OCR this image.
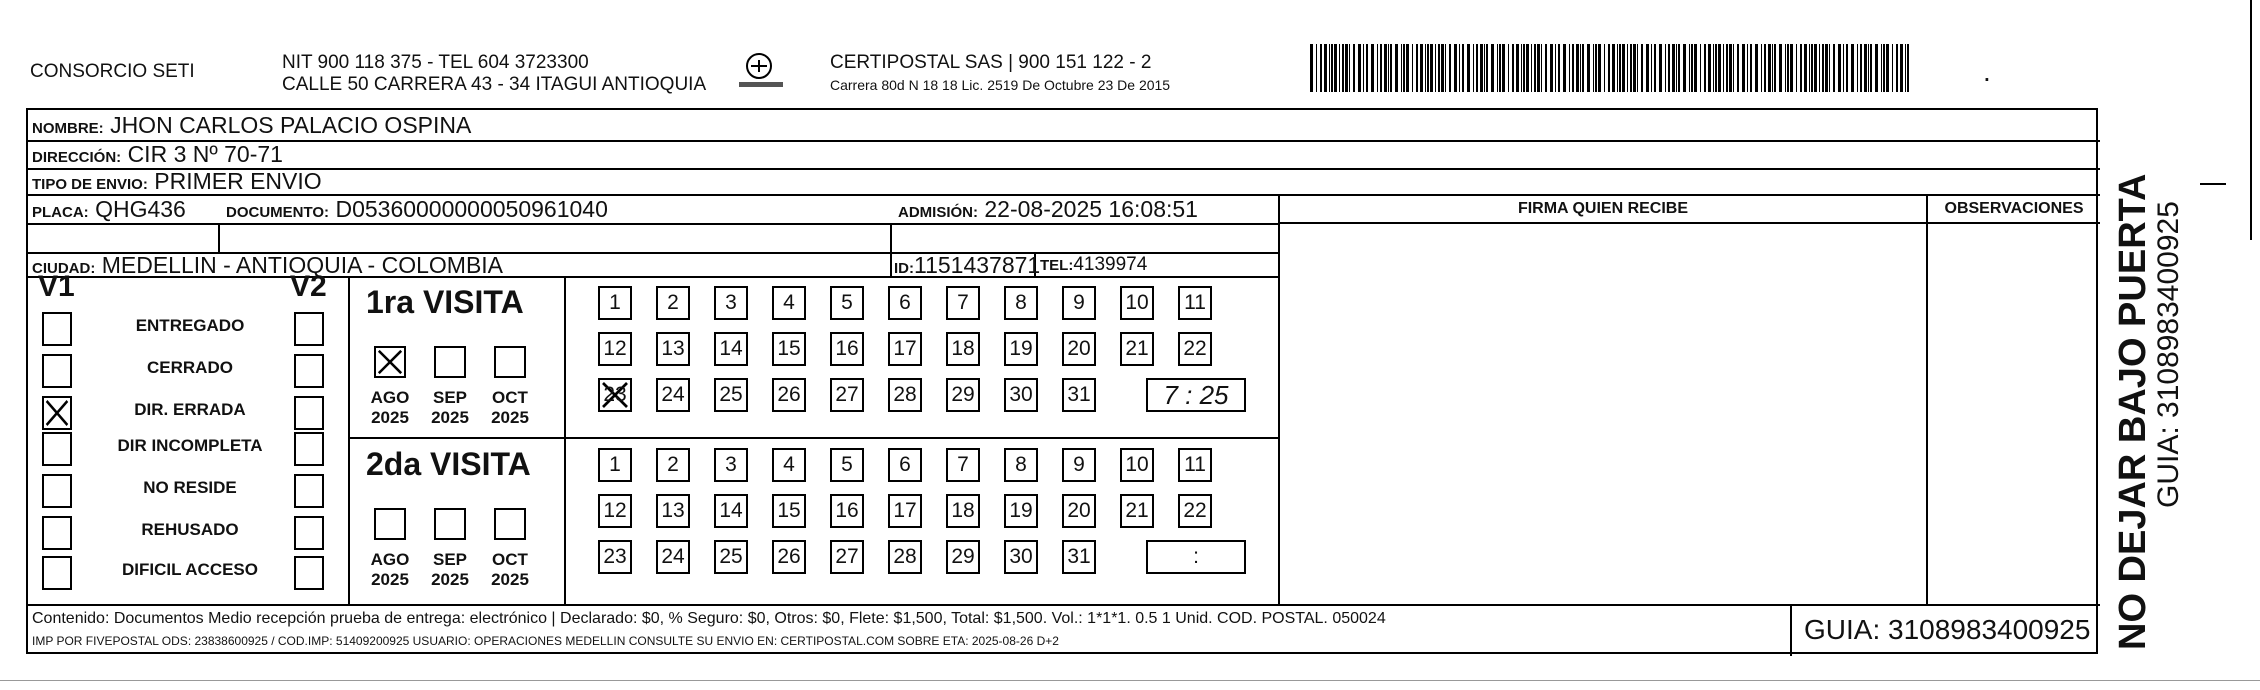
CONSORCIO SETI	NIT 900 118 375 - TEL 604 3723300
CALLE 50 CARRERA 43 - 34 ITAGUI ANTIOQUIA
CERTIPOSTAL SAS | 900 151 122 - 2
Carrera 80d N 18 18 Lic. 2519 De Octubre 23 De 2015	.
NOMBRE: JHON CARLOS PALACIO OSPINA
DIRECCIÓN: CIR 3 Nº 70-71
TIPO DE ENVIO: PRIMER ENVIO
PLACA: QHG436	DOCUMENTO: D05360000000050961040	ADMISIÓN: 22-08-2025 16:08:51
CIUDAD: MEDELLIN - ANTIOQUIA - COLOMBIA	ID:1151437871 TEL:4139974
FIRMA QUIEN RECIBE	OBSERVACIONES
V1	V2
ENTREGADO
CERRADO
DIR. ERRADA
DIR INCOMPLETA
NO RESIDE
REHUSADO
DIFICIL ACCESO
1ra VISITA
AGO
2025
SEP
2025
OCT
2025
1	2	3	4	5	6	7	8	9	10 11
12 13 14 15 16 17 18 19 20 21 22
23 24 25 26 27 28 29 30 31	7 : 25
2da VISITA
AGO
2025
SEP
2025
OCT
2025
1	2	3	4	5	6	7	8	9	10 11
12 13 14 15 16 17 18 19 20 21 22
23 24 25 26 27 28 29 30 31	:
Contenido: Documentos Medio recepción prueba de entrega: electrónico | Declarado: $0, % Seguro: $0, Otros: $0, Flete: $1,500, Total: $1,500. Vol.: 1*1*1. 0.5 1 Unid. COD. POSTAL. 050024
IMP POR FIVEPOSTAL ODS: 23838600925 / COD.IMP: 51409200925 USUARIO: OPERACIONES MEDELLIN CONSULTE SU ENVIO EN: CERTIPOSTAL.COM SOBRE ETA: 2025-08-26 D+2	GUIA: 3108983400925 NO DEJAR BAJO PUERTA
GUIA: 3108983400925
